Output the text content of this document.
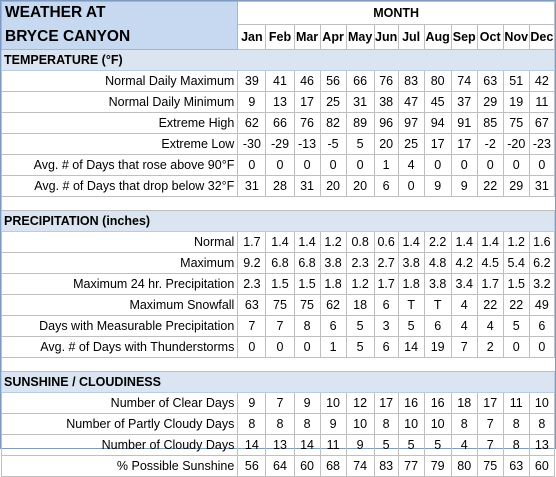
WEATHER AT	MONTH											
BRYCE CANYON	Jan	Feb	Mar	Apr	May	Jun	Jul	Aug	Sep	Oct	Nov	Dec
TEMPERATURE (°F)												
Normal Daily Maximum	39	41	46	56	66	76	83	80	74	63	51	42
Normal Daily Minimum	9	13	17	25	31	38	47	45	37	29	19	11
Extreme High	62	66	76	82	89	96	97	94	91	85	75	67
Extreme Low	-30	-29	-13	-5	5	20	25	17	17	-2	-20	-23
Avg. # of Days that rose above 90°F	0	0	0	0	0	1	4	0	0	0	0	0
Avg. # of Days that drop below 32°F	31	28	31	20	20	6	0	9	9	22	29	31

PRECIPITATION (inches)												
Normal	1.7	1.4	1.4	1.2	0.8	0.6	1.4	2.2	1.4	1.4	1.2	1.6
Maximum	9.2	6.8	6.8	3.8	2.3	2.7	3.8	4.8	4.2	4.5	5.4	6.2
Maximum 24 hr. Precipitation	2.3	1.5	1.5	1.8	1.2	1.7	1.8	3.8	3.4	1.7	1.5	3.2
Maximum Snowfall	63	75	75	62	18	6	T	T	4	22	22	49
Days with Measurable Precipitation	7	7	8	6	5	3	5	6	4	4	5	6
Avg. # of Days with Thunderstorms	0	0	0	1	5	6	14	19	7	2	0	0

SUNSHINE / CLOUDINESS												
Number of Clear Days	9	7	9	10	12	17	16	16	18	17	11	10
Number of Partly Cloudy Days	8	8	8	9	10	8	10	10	8	7	8	8
Number of Cloudy Days	14	13	14	11	9	5	5	5	4	7	8	13
% Possible Sunshine	56	64	60	68	74	83	77	79	80	75	63	60
